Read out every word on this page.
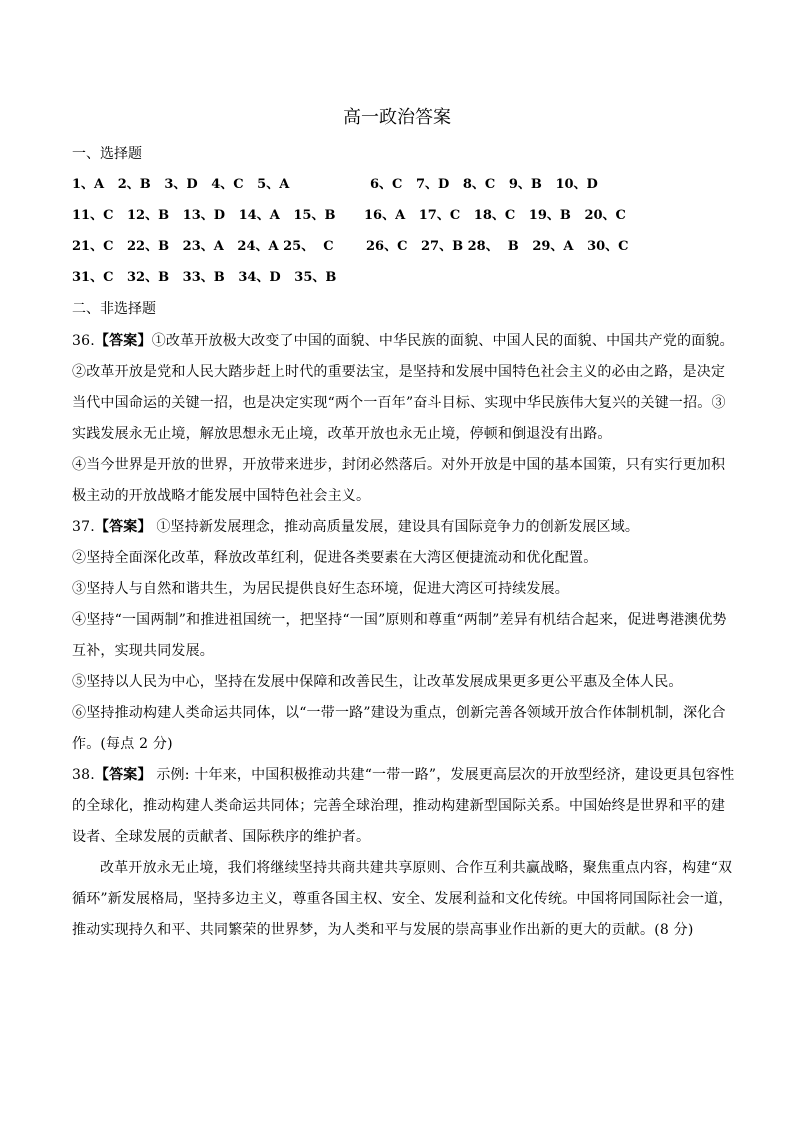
高一政治答案
一、选择题
1、A   2、B   3、D   4、C   5、A	6、C   7、D   8、C   9、B   10、D
11、C   12、B   13、D   14、A   15、B 16、A   17、C   18、C   19、B   20、C
21、C   22、B   23、A   24、A 25、  C 26、C   27、B 28、  B   29、A   30、C
31、C   32、B   33、B   34、D   35、B
二、非选择题

36.【答案】①改革开放极大改变了中国的面貌、中华民族的面貌、中国人民的面貌、中国共产党的面貌。②改革开放是党和人民大踏步赶上时代的重要法宝，是坚持和发展中国特色社会主义的必由之路，是决定当代中国命运的关键一招，也是决定实现“两个一百年”奋斗目标、实现中华民族伟大复兴的关键一招。③实践发展永无止境，解放思想永无止境，改革开放也永无止境，停顿和倒退没有出路。

④当今世界是开放的世界，开放带来进步，封闭必然落后。对外开放是中国的基本国策，只有实行更加积极主动的开放战略才能发展中国特色社会主义。

37.【答案】 ①坚持新发展理念，推动高质量发展，建设具有国际竞争力的创新发展区域。

②坚持全面深化改革，释放改革红利，促进各类要素在大湾区便捷流动和优化配置。

③坚持人与自然和谐共生，为居民提供良好生态环境，促进大湾区可持续发展。

④坚持“一国两制”和推进祖国统一，把坚持“一国”原则和尊重“两制”差异有机结合起来，促进粤港澳优势互补，实现共同发展。

⑤坚持以人民为中心，坚持在发展中保障和改善民生，让改革发展成果更多更公平惠及全体人民。

⑥坚持推动构建人类命运共同体，以“一带一路”建设为重点，创新完善各领域开放合作体制机制，深化合作。(每点 2 分)

38.【答案】 示例: 十年来，中国积极推动共建“一带一路”，发展更高层次的开放型经济，建设更具包容性的全球化，推动构建人类命运共同体；完善全球治理，推动构建新型国际关系。中国始终是世界和平的建设者、全球发展的贡献者、国际秩序的维护者。

改革开放永无止境，我们将继续坚持共商共建共享原则、合作互利共赢战略，聚焦重点内容，构建“双循环”新发展格局，坚持多边主义，尊重各国主权、安全、发展利益和文化传统。中国将同国际社会一道，推动实现持久和平、共同繁荣的世界梦，为人类和平与发展的崇高事业作出新的更大的贡献。(8 分)
